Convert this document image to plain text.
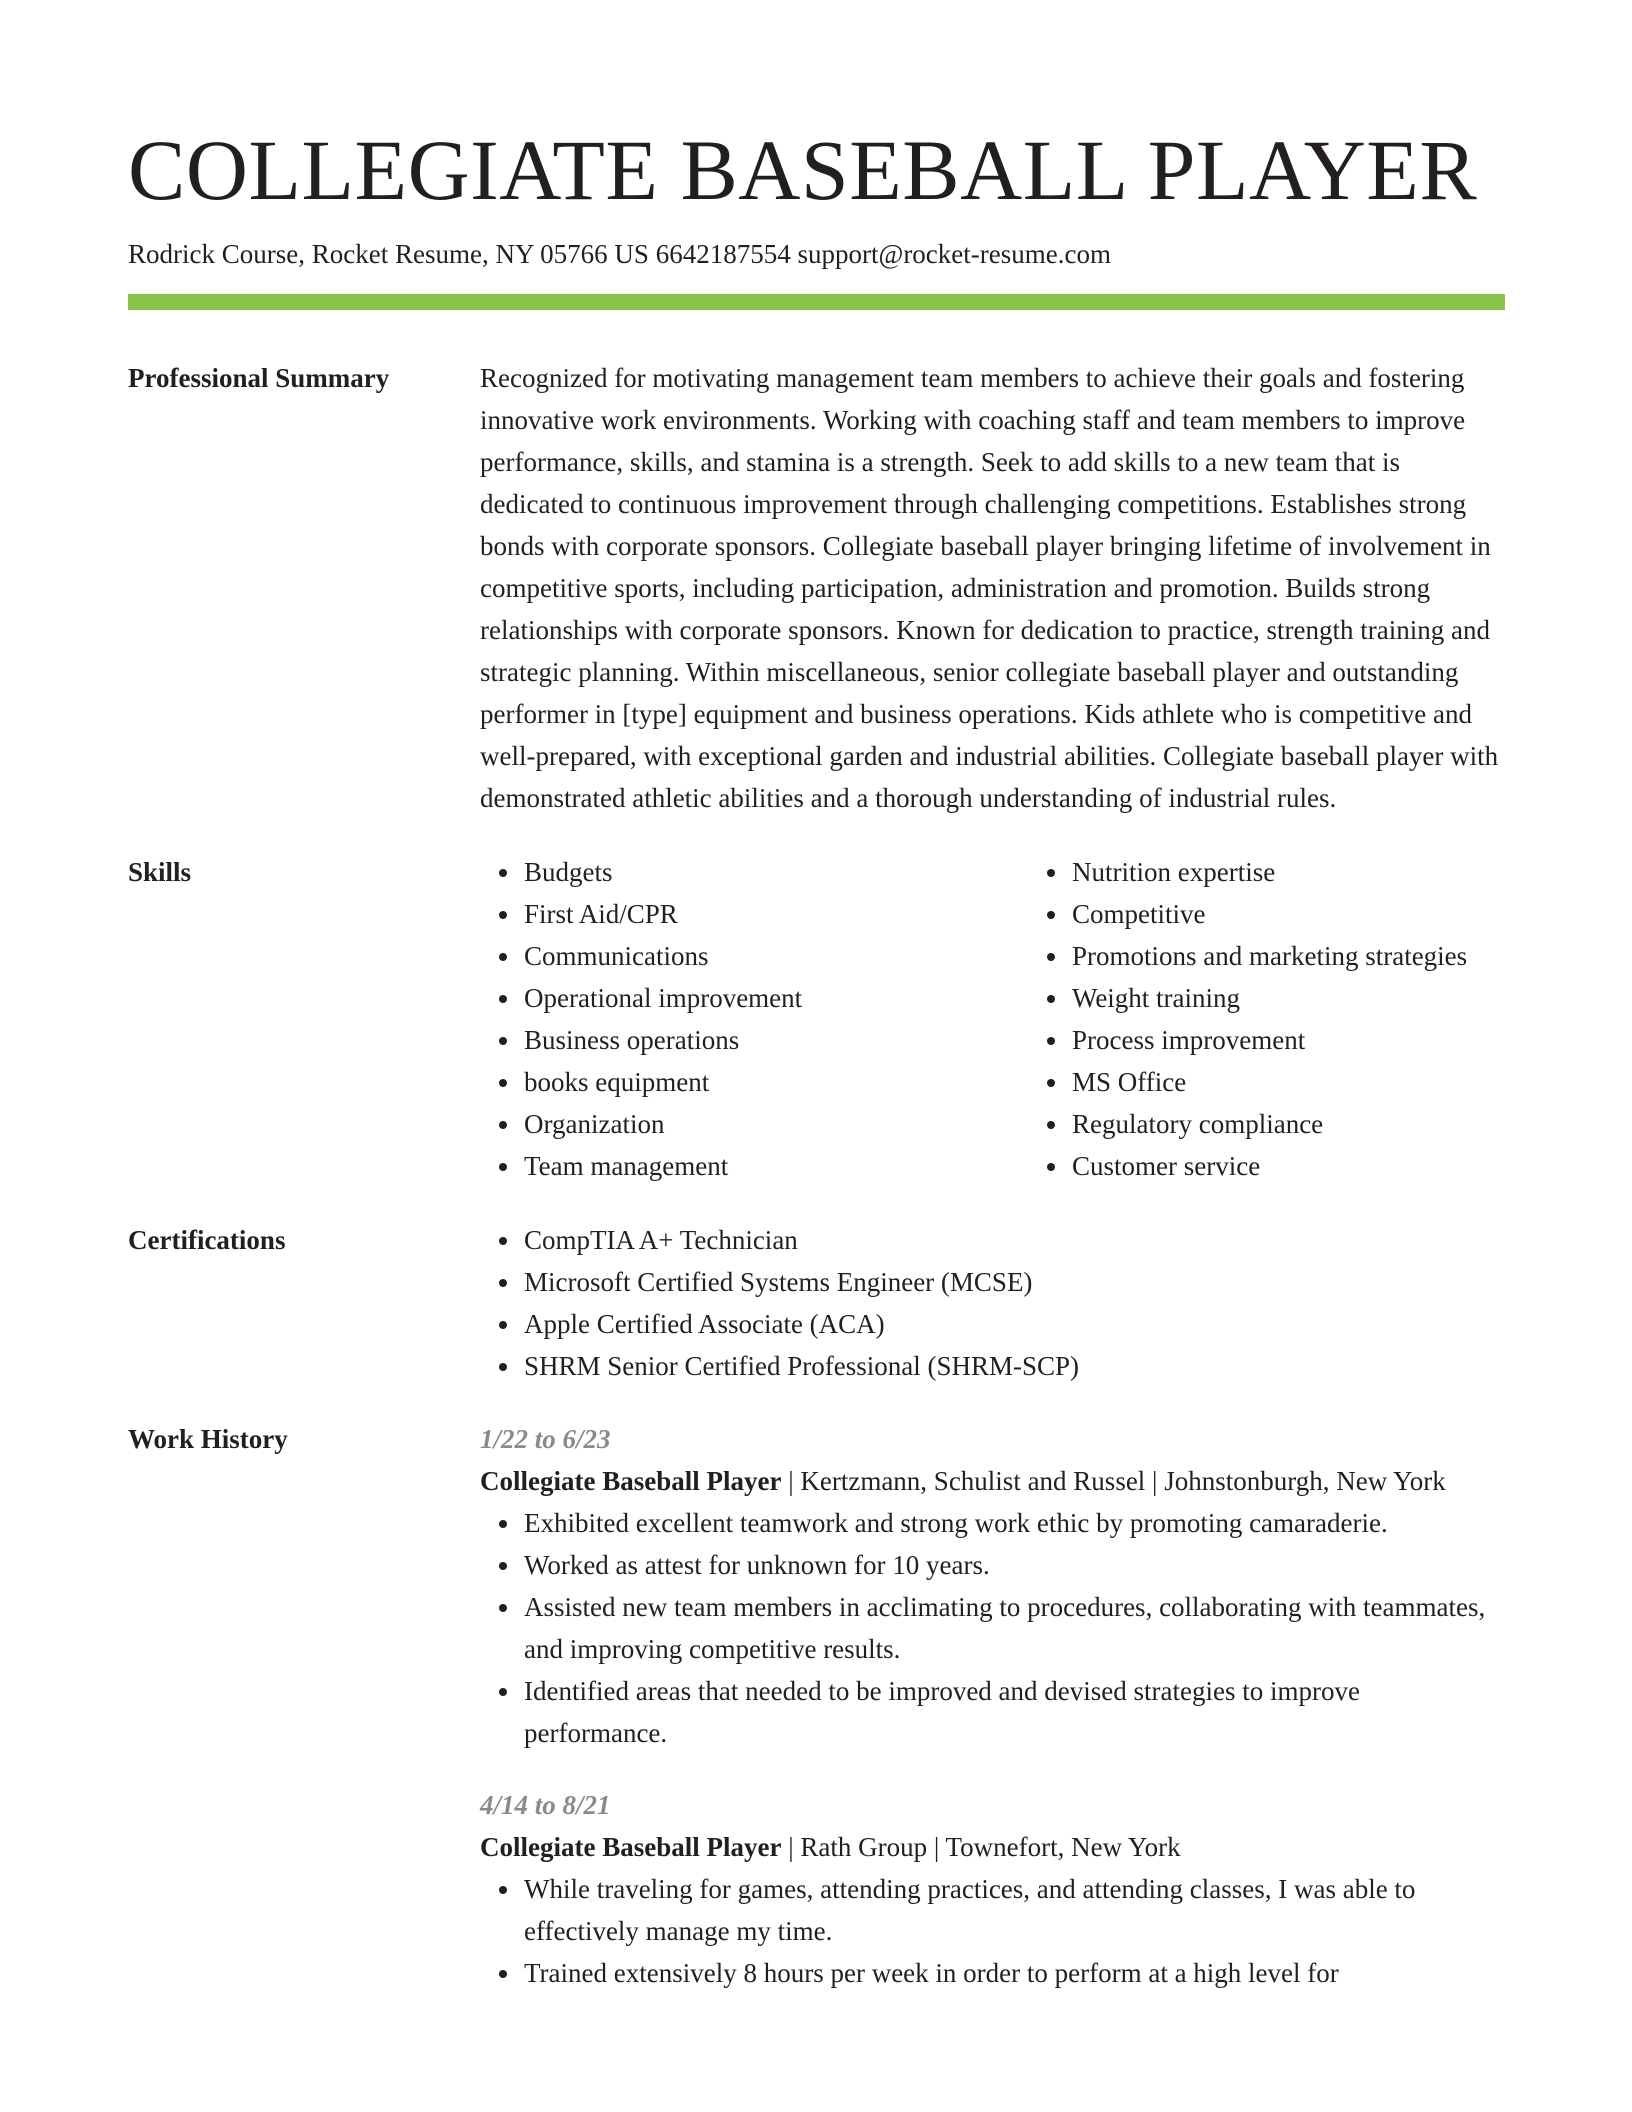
COLLEGIATE BASEBALL PLAYER
Rodrick Course, Rocket Resume, NY 05766 US 6642187554 support@rocket-resume.com
Professional Summary	Recognized for motivating management team members to achieve their goals and fostering innovative work environments. Working with coaching staff and team members to improve performance, skills, and stamina is a strength. Seek to add skills to a new team that is dedicated to continuous improvement through challenging competitions. Establishes strong bonds with corporate sponsors. Collegiate baseball player bringing lifetime of involvement in competitive sports, including participation, administration and promotion. Builds strong relationships with corporate sponsors. Known for dedication to practice, strength training and strategic planning. Within miscellaneous, senior collegiate baseball player and outstanding performer in [type] equipment and business operations. Kids athlete who is competitive and well-prepared, with exceptional garden and industrial abilities. Collegiate baseball player with demonstrated athletic abilities and a thorough understanding of industrial rules.

Skills	Budgets
First Aid/CPR
Communications
Operational improvement
Business operations
books equipment
Organization
Team management
Nutrition expertise
Competitive
Promotions and marketing strategies
Weight training
Process improvement
MS Office
Regulatory compliance
Customer service
Certifications	CompTIA A+ Technician
Microsoft Certified Systems Engineer (MCSE)
Apple Certified Associate (ACA)
SHRM Senior Certified Professional (SHRM-SCP)
Work History	1/22 to 6/23
Collegiate Baseball Player | Kertzmann, Schulist and Russel | Johnstonburgh, New York
Exhibited excellent teamwork and strong work ethic by promoting camaraderie.
Worked as attest for unknown for 10 years.
Assisted new team members in acclimating to procedures, collaborating with teammates, and improving competitive results.
Identified areas that needed to be improved and devised strategies to improve performance.
4/14 to 8/21
Collegiate Baseball Player | Rath Group | Townefort, New York
While traveling for games, attending practices, and attending classes, I was able to effectively manage my time.
Trained extensively 8 hours per week in order to perform at a high level for
